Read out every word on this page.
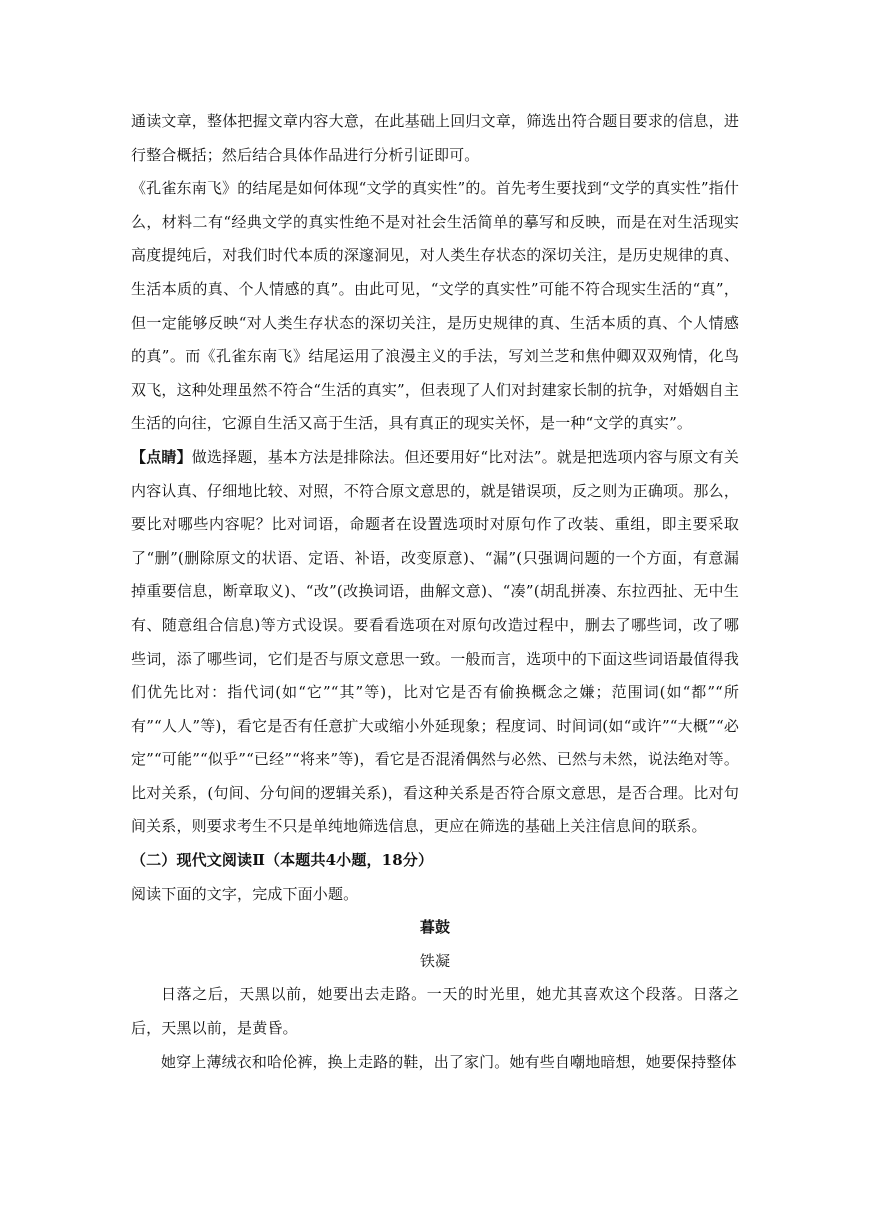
通读文章，整体把握文章内容大意，在此基础上回归文章，筛选出符合题目要求的信息，进行整合概括；然后结合具体作品进行分析引证即可。

《孔雀东南飞》的结尾是如何体现“文学的真实性”的。首先考生要找到“文学的真实性”指什么，材料二有“经典文学的真实性绝不是对社会生活简单的摹写和反映，而是在对生活现实高度提纯后，对我们时代本质的深邃洞见，对人类生存状态的深切关注，是历史规律的真、生活本质的真、个人情感的真”。由此可见，“文学的真实性”可能不符合现实生活的“真”，但一定能够反映“对人类生存状态的深切关注，是历史规律的真、生活本质的真、个人情感的真”。而《孔雀东南飞》结尾运用了浪漫主义的手法，写刘兰芝和焦仲卿双双殉情，化鸟双飞，这种处理虽然不符合“生活的真实”，但表现了人们对封建家长制的抗争，对婚姻自主生活的向往，它源自生活又高于生活，具有真正的现实关怀，是一种“文学的真实”。

【点睛】做选择题，基本方法是排除法。但还要用好“比对法”。就是把选项内容与原文有关内容认真、仔细地比较、对照，不符合原文意思的，就是错误项，反之则为正确项。那么，要比对哪些内容呢？比对词语，命题者在设置选项时对原句作了改装、重组，即主要采取了“删”(删除原文的状语、定语、补语，改变原意)、“漏”(只强调问题的一个方面，有意漏掉重要信息，断章取义)、“改”(改换词语，曲解文意)、“凑”(胡乱拼凑、东拉西扯、无中生有、随意组合信息)等方式设误。要看看选项在对原句改造过程中，删去了哪些词，改了哪些词，添了哪些词，它们是否与原文意思一致。一般而言，选项中的下面这些词语最值得我们优先比对：指代词(如“它”“其”等)，比对它是否有偷换概念之嫌；范围词(如“都”“所有”“人人”等)，看它是否有任意扩大或缩小外延现象；程度词、时间词(如“或许”“大概”“必定”“可能”“似乎”“已经”“将来”等)，看它是否混淆偶然与必然、已然与未然，说法绝对等。比对关系，(句间、分句间的逻辑关系)，看这种关系是否符合原文意思，是否合理。比对句间关系，则要求考生不只是单纯地筛选信息，更应在筛选的基础上关注信息间的联系。

（二）现代文阅读Ⅱ（本题共4小题，18分）

阅读下面的文字，完成下面小题。

暮鼓

铁凝

日落之后，天黑以前，她要出去走路。一天的时光里，她尤其喜欢这个段落。日落之后，天黑以前，是黄昏。

她穿上薄绒衣和哈伦裤，换上走路的鞋，出了家门。她有些自嘲地暗想，她要保持整体
